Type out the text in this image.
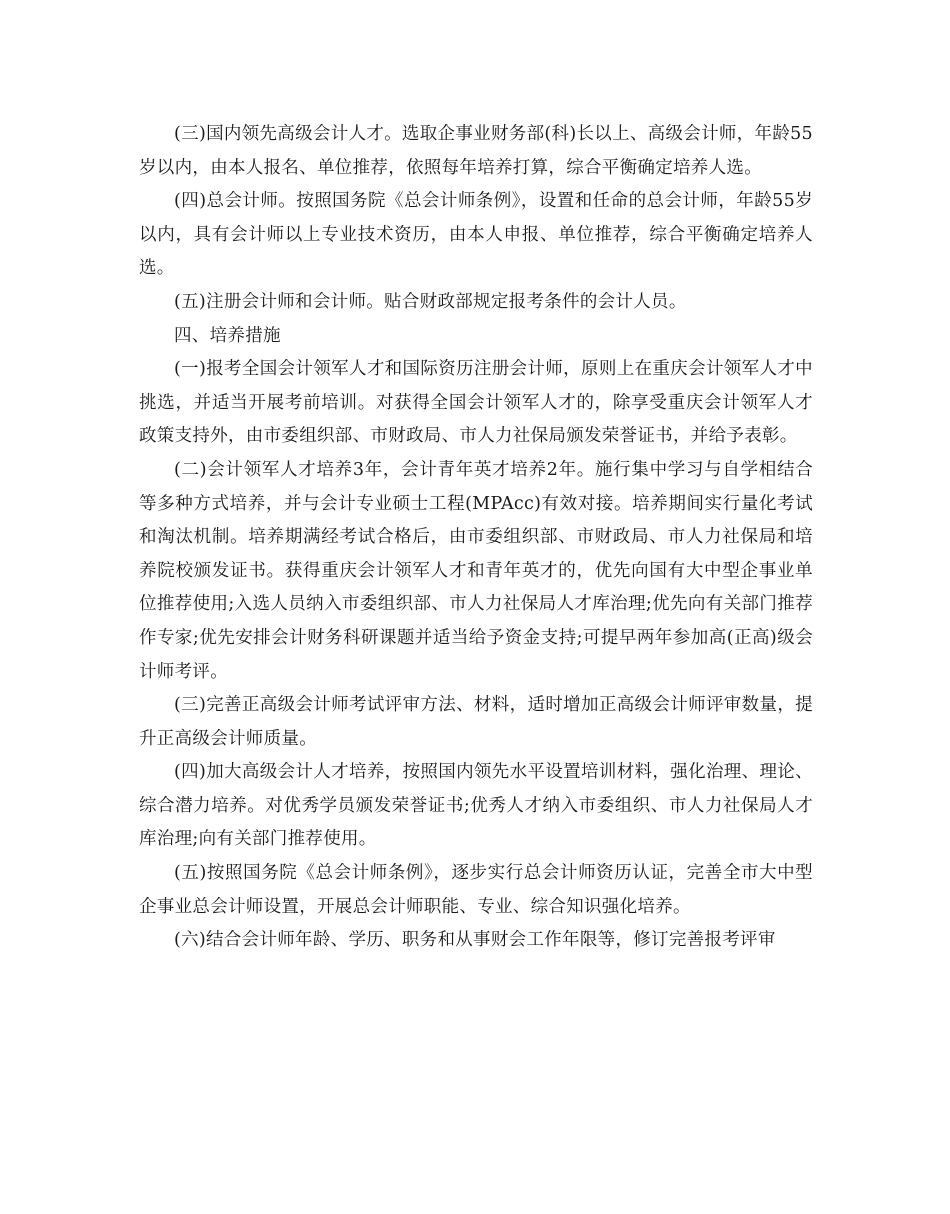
(三)国内领先高级会计人才。选取企事业财务部(科)长以上、高级会计师，年龄55岁以内，由本人报名、单位推荐，依照每年培养打算，综合平衡确定培养人选。

(四)总会计师。按照国务院《总会计师条例》，设置和任命的总会计师，年龄55岁以内，具有会计师以上专业技术资历，由本人申报、单位推荐，综合平衡确定培养人选。

(五)注册会计师和会计师。贴合财政部规定报考条件的会计人员。

四、培养措施

(一)报考全国会计领军人才和国际资历注册会计师，原则上在重庆会计领军人才中挑选，并适当开展考前培训。对获得全国会计领军人才的，除享受重庆会计领军人才政策支持外，由市委组织部、市财政局、市人力社保局颁发荣誉证书，并给予表彰。

(二)会计领军人才培养3年，会计青年英才培养2年。施行集中学习与自学相结合等多种方式培养，并与会计专业硕士工程(MPAcc)有效对接。培养期间实行量化考试和淘汰机制。培养期满经考试合格后，由市委组织部、市财政局、市人力社保局和培养院校颁发证书。获得重庆会计领军人才和青年英才的，优先向国有大中型企事业单位推荐使用;入选人员纳入市委组织部、市人力社保局人才库治理;优先向有关部门推荐作专家;优先安排会计财务科研课题并适当给予资金支持;可提早两年参加高(正高)级会计师考评。

(三)完善正高级会计师考试评审方法、材料，适时增加正高级会计师评审数量，提升正高级会计师质量。

(四)加大高级会计人才培养，按照国内领先水平设置培训材料，强化治理、理论、综合潜力培养。对优秀学员颁发荣誉证书;优秀人才纳入市委组织、市人力社保局人才库治理;向有关部门推荐使用。

(五)按照国务院《总会计师条例》，逐步实行总会计师资历认证，完善全市大中型企事业总会计师设置，开展总会计师职能、专业、综合知识强化培养。

(六)结合会计师年龄、学历、职务和从事财会工作年限等，修订完善报考评审
